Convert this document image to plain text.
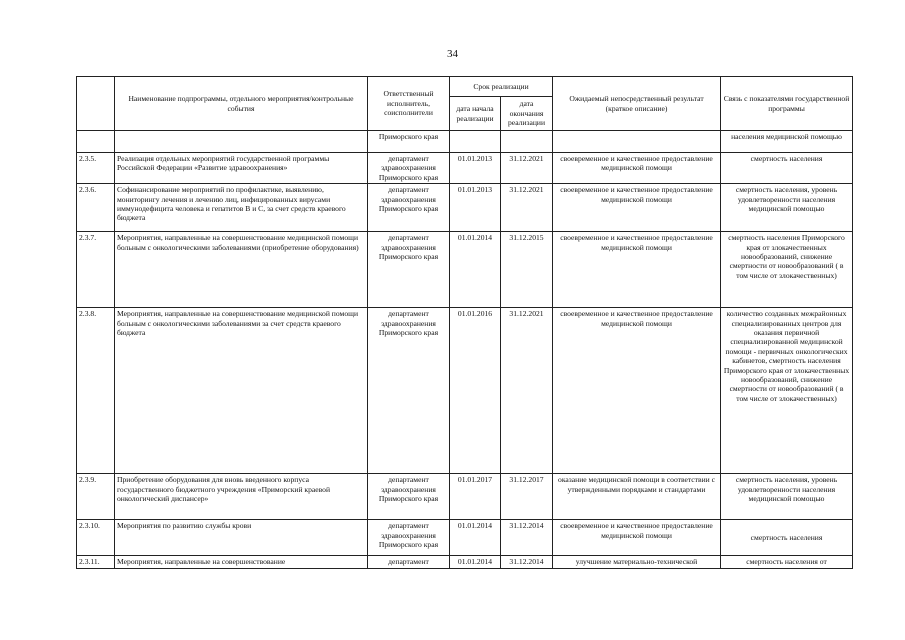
34
	Наименование подпрограммы, отдельного мероприятия/контрольные события	Ответственный исполнитель, соисполнители	Срок реализации		Ожидаемый непосредственный результат (краткое описание)	Связь с показателями государственной программы
			дата начала реализации	дата окончания реализации		
		Приморского края				населения медицинской помощью
2.3.5.	Реализация отдельных мероприятий государственной программы Российской Федерации «Развитие здравоохранения»	департамент здравоохранения Приморского края	01.01.2013	31.12.2021	своевременное и качественное предоставление медицинской помощи	смертность населения
2.3.6.	Софинансирование мероприятий по профилактике, выявлению, мониторингу лечения и лечению лиц, инфицированных вирусами иммунодефицита человека и гепатитов В и С, за счет средств краевого бюджета	департамент здравоохранения Приморского края	01.01.2013	31.12.2021	своевременное и качественное предоставление медицинской помощи	смертность населения, уровень удовлетворенности населения медицинской помощью
2.3.7.	Мероприятия, направленные на совершенствование медицинской помощи больным с онкологическими заболеваниями (приобретение оборудования)	департамент здравоохранения Приморского края	01.01.2014	31.12.2015	своевременное и качественное предоставление медицинской помощи	смертность населения Приморского края от злокачественных новообразований, снижение смертности от новообразований ( в том числе от злокачественных)
2.3.8.	Мероприятия, направленные на совершенствование медицинской помощи больным с онкологическими заболеваниями за счет средств краевого бюджета	департамент здравоохранения Приморского края	01.01.2016	31.12.2021	своевременное и качественное предоставление медицинской помощи	количество созданных межрайонных специализированных центров для оказания первичной специализированной медицинской помощи - первичных онкологических кабинетов, смертность населения Приморского края от злокачественных новообразований, снижение смертности от новообразований ( в том числе от злокачественных)
2.3.9.	Приобретение оборудования для вновь введенного корпуса государственного бюджетного учреждения «Приморский краевой онкологический диспансер»	департамент здравоохранения Приморского края	01.01.2017	31.12.2017	оказание медицинской помощи в соответствии с утвержденными порядками и стандартами	смертность населения, уровень удовлетворенности населения медицинской помощью
2.3.10.	Мероприятия по развитию службы крови	департамент здравоохранения Приморского края	01.01.2014	31.12.2014	своевременное и качественное предоставление медицинской помощи	смертность населения
2.3.11.	Мероприятия, направленные на совершенствование	департамент	01.01.2014	31.12.2014	улучшение материально-технической	смертность населения от
